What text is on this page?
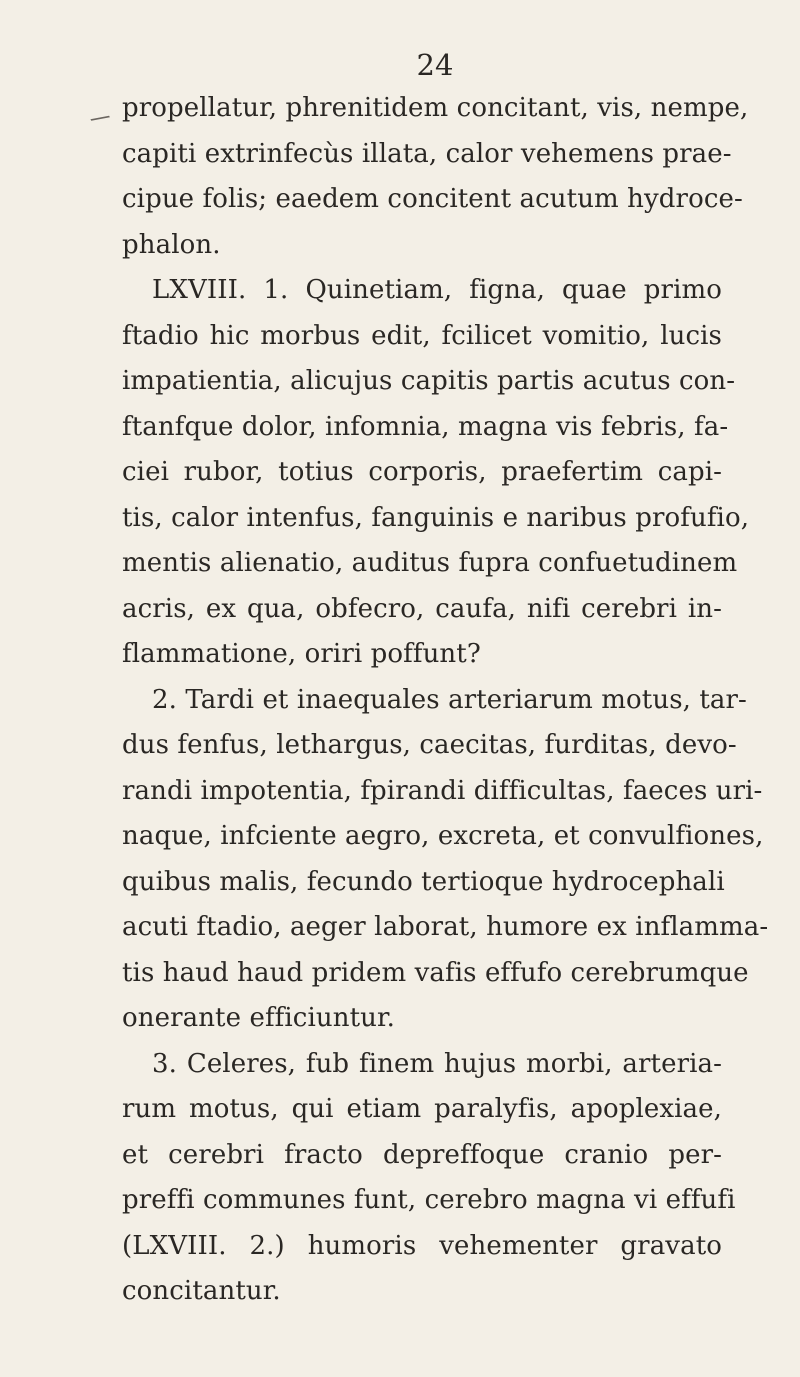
/
24
propellatur, phrenitidem concitant, vis, nempe,
capiti extrinfecùs illata, calor vehemens prae-
cipue folis; eaedem concitent acutum hydroce-
phalon.
LXVIII. 1. Quinetiam, figna, quae primo
ftadio hic morbus edit, fcilicet vomitio, lucis
impatientia, alicujus capitis partis acutus con-
ftanfque dolor, infomnia, magna vis febris, fa-
ciei rubor, totius corporis, praefertim capi-
tis, calor intenfus, fanguinis e naribus profufio,
mentis alienatio, auditus fupra confuetudinem
acris, ex qua, obfecro, caufa, nifi cerebri in-
flammatione, oriri poffunt?
2. Tardi et inaequales arteriarum motus, tar-
dus fenfus, lethargus, caecitas, furditas, devo-
randi impotentia, fpirandi difficultas, faeces uri-
naque, infciente aegro, excreta, et convulfiones,
quibus malis, fecundo tertioque hydrocephali
acuti ftadio, aeger laborat, humore ex inflamma-
tis haud haud pridem vafis effufo cerebrumque
onerante efficiuntur.
3. Celeres, fub finem hujus morbi, arteria-
rum motus, qui etiam paralyfis, apoplexiae,
et cerebri fracto depreffoque cranio per-
preffi communes funt, cerebro magna vi effufi
(LXVIII. 2.) humoris vehementer gravato
concitantur.
